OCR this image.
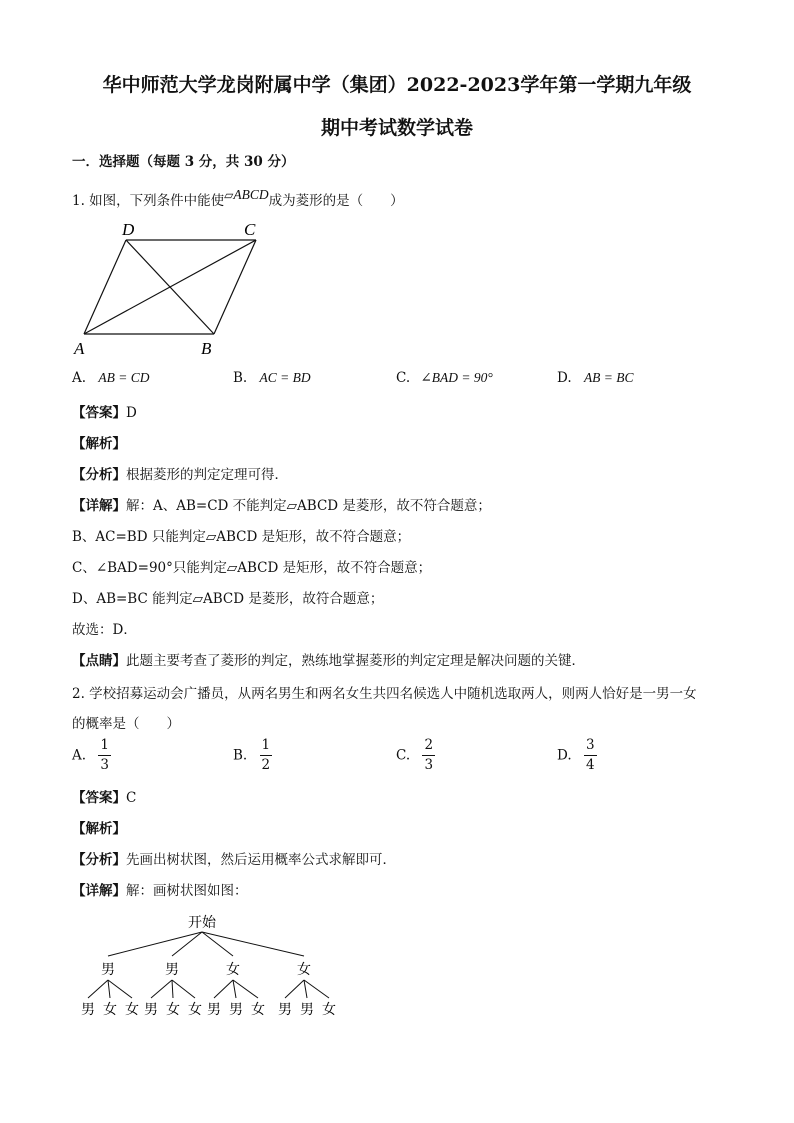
华中师范大学龙岗附属中学（集团）2022-2023学年第一学期九年级
期中考试数学试卷
一．选择题（每题 3 分，共 30 分）
1. 如图，下列条件中能使▱ABCD成为菱形的是（　　）
D	C
A	B
A. AB = CD	B. AC = BD	C. ∠BAD = 90°	D. AB = BC
【答案】D
【解析】
【分析】根据菱形的判定定理可得．
【详解】解：A、AB=CD 不能判定▱ABCD 是菱形，故不符合题意；
B、AC=BD 只能判定▱ABCD 是矩形，故不符合题意；
C、∠BAD=90°只能判定▱ABCD 是矩形，故不符合题意；
D、AB=BC 能判定▱ABCD 是菱形，故符合题意；
故选：D．
【点睛】此题主要考查了菱形的判定，熟练地掌握菱形的判定定理是解决问题的关键．
2. 学校招募运动会广播员，从两名男生和两名女生共四名候选人中随机选取两人，则两人恰好是一男一女
的概率是（　　）
A. $\frac{1}{3}$	B. $\frac{1}{2}$	C. $\frac{2}{3}$	D. $\frac{3}{4}$
【答案】C
【解析】
【分析】先画出树状图，然后运用概率公式求解即可．
【详解】解：画树状图如图：
开始
男	男	女	女
男 女 女 男 女 女 男 男 女 男 男 女
